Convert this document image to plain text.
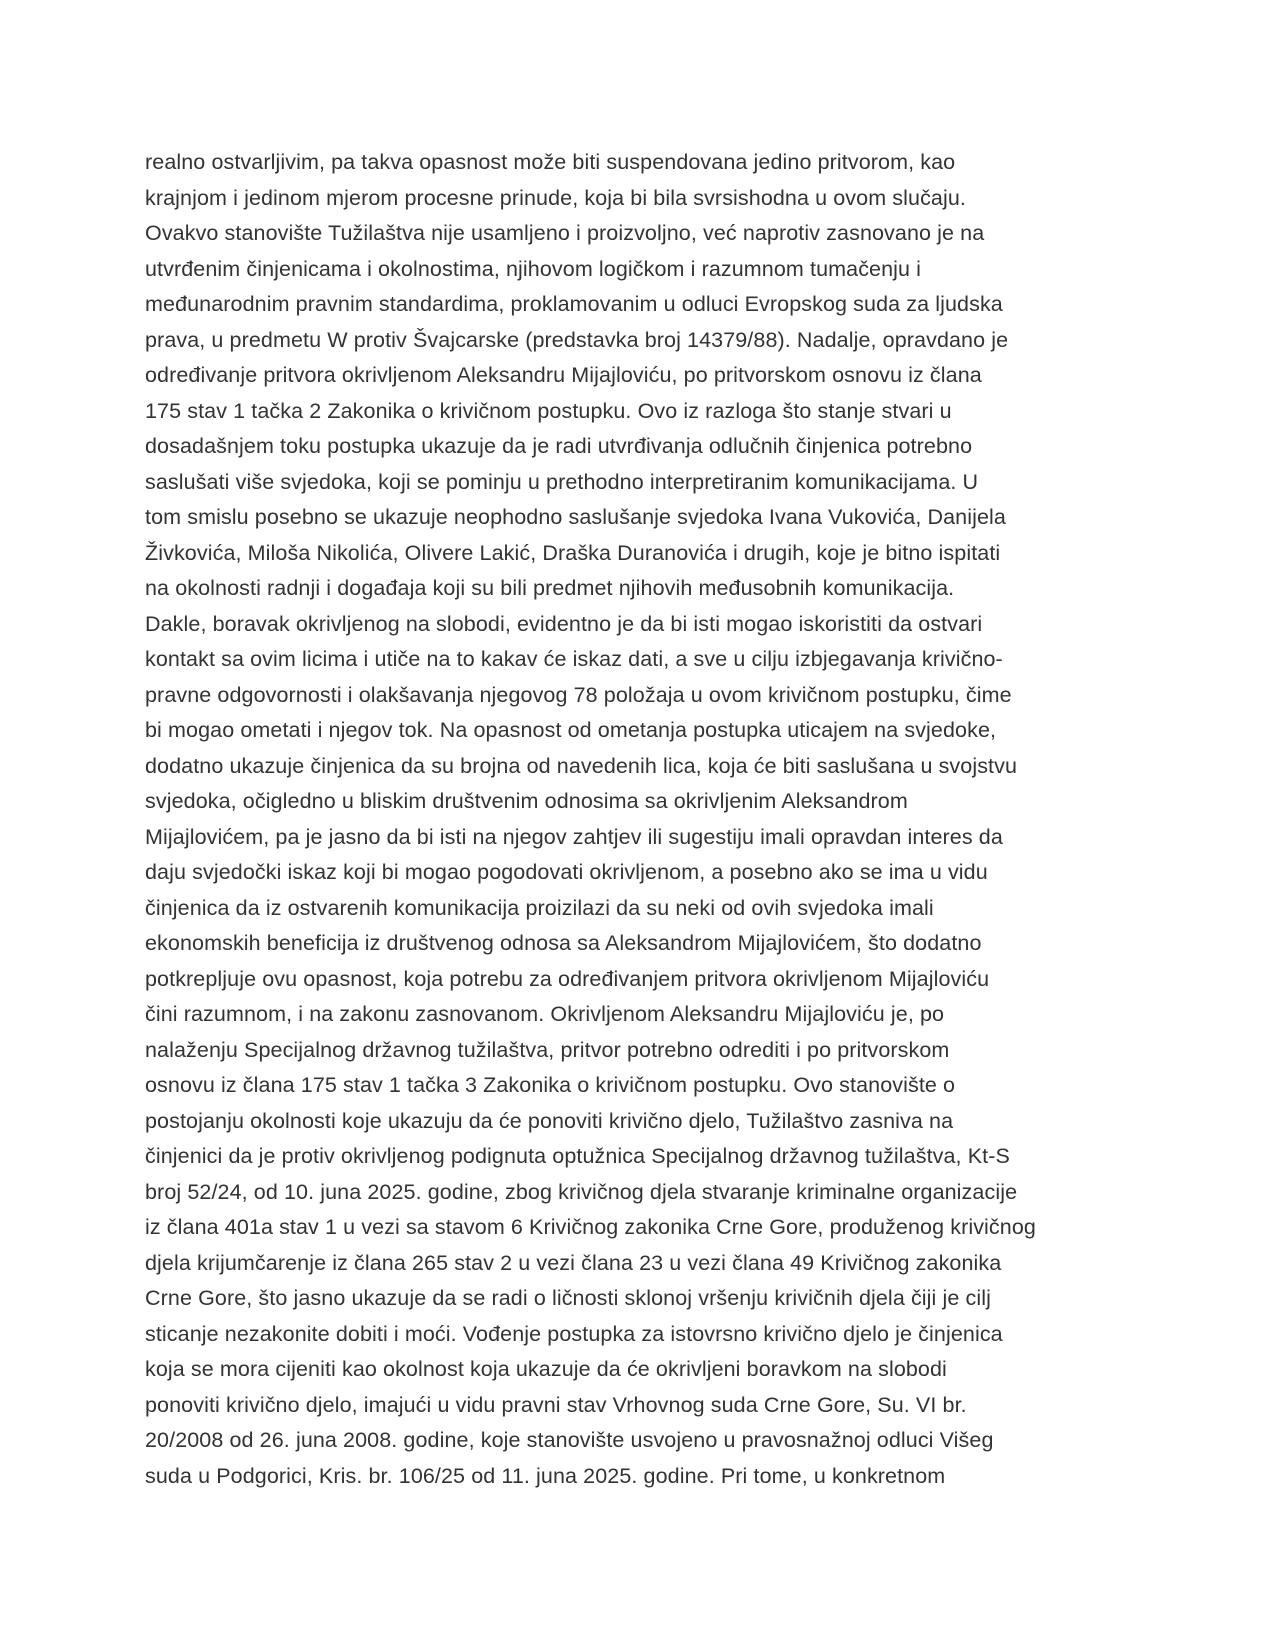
realno ostvarljivim, pa takva opasnost može biti suspendovana jedino pritvorom, kao
krajnjom i jedinom mjerom procesne prinude, koja bi bila svrsishodna u ovom slučaju.
Ovakvo stanovište Tužilaštva nije usamljeno i proizvoljno, već naprotiv zasnovano je na
utvrđenim činjenicama i okolnostima, njihovom logičkom i razumnom tumačenju i
međunarodnim pravnim standardima, proklamovanim u odluci Evropskog suda za ljudska
prava, u predmetu W protiv Švajcarske (predstavka broj 14379/88). Nadalje, opravdano je
određivanje pritvora okrivljenom Aleksandru Mijajloviću, po pritvorskom osnovu iz člana
175 stav 1 tačka 2 Zakonika o krivičnom postupku. Ovo iz razloga što stanje stvari u
dosadašnjem toku postupka ukazuje da je radi utvrđivanja odlučnih činjenica potrebno
saslušati više svjedoka, koji se pominju u prethodno interpretiranim komunikacijama. U
tom smislu posebno se ukazuje neophodno saslušanje svjedoka Ivana Vukovića, Danijela
Živkovića, Miloša Nikolića, Olivere Lakić, Draška Duranovića i drugih, koje je bitno ispitati
na okolnosti radnji i događaja koji su bili predmet njihovih međusobnih komunikacija.
Dakle, boravak okrivljenog na slobodi, evidentno je da bi isti mogao iskoristiti da ostvari
kontakt sa ovim licima i utiče na to kakav će iskaz dati, a sve u cilju izbjegavanja krivično-
pravne odgovornosti i olakšavanja njegovog 78 položaja u ovom krivičnom postupku, čime
bi mogao ometati i njegov tok. Na opasnost od ometanja postupka uticajem na svjedoke,
dodatno ukazuje činjenica da su brojna od navedenih lica, koja će biti saslušana u svojstvu
svjedoka, očigledno u bliskim društvenim odnosima sa okrivljenim Aleksandrom
Mijajlovićem, pa je jasno da bi isti na njegov zahtjev ili sugestiju imali opravdan interes da
daju svjedočki iskaz koji bi mogao pogodovati okrivljenom, a posebno ako se ima u vidu
činjenica da iz ostvarenih komunikacija proizilazi da su neki od ovih svjedoka imali
ekonomskih beneficija iz društvenog odnosa sa Aleksandrom Mijajlovićem, što dodatno
potkrepljuje ovu opasnost, koja potrebu za određivanjem pritvora okrivljenom Mijajloviću
čini razumnom, i na zakonu zasnovanom. Okrivljenom Aleksandru Mijajloviću je, po
nalaženju Specijalnog državnog tužilaštva, pritvor potrebno odrediti i po pritvorskom
osnovu iz člana 175 stav 1 tačka 3 Zakonika o krivičnom postupku. Ovo stanovište o
postojanju okolnosti koje ukazuju da će ponoviti krivično djelo, Tužilaštvo zasniva na
činjenici da je protiv okrivljenog podignuta optužnica Specijalnog državnog tužilaštva, Kt-S
broj 52/24, od 10. juna 2025. godine, zbog krivičnog djela stvaranje kriminalne organizacije
iz člana 401a stav 1 u vezi sa stavom 6 Krivičnog zakonika Crne Gore, produženog krivičnog
djela krijumčarenje iz člana 265 stav 2 u vezi člana 23 u vezi člana 49 Krivičnog zakonika
Crne Gore, što jasno ukazuje da se radi o ličnosti sklonoj vršenju krivičnih djela čiji je cilj
sticanje nezakonite dobiti i moći. Vođenje postupka za istovrsno krivično djelo je činjenica
koja se mora cijeniti kao okolnost koja ukazuje da će okrivljeni boravkom na slobodi
ponoviti krivično djelo, imajući u vidu pravni stav Vrhovnog suda Crne Gore, Su. VI br.
20/2008 od 26. juna 2008. godine, koje stanovište usvojeno u pravosnažnoj odluci Višeg
suda u Podgorici, Kris. br. 106/25 od 11. juna 2025. godine. Pri tome, u konkretnom
